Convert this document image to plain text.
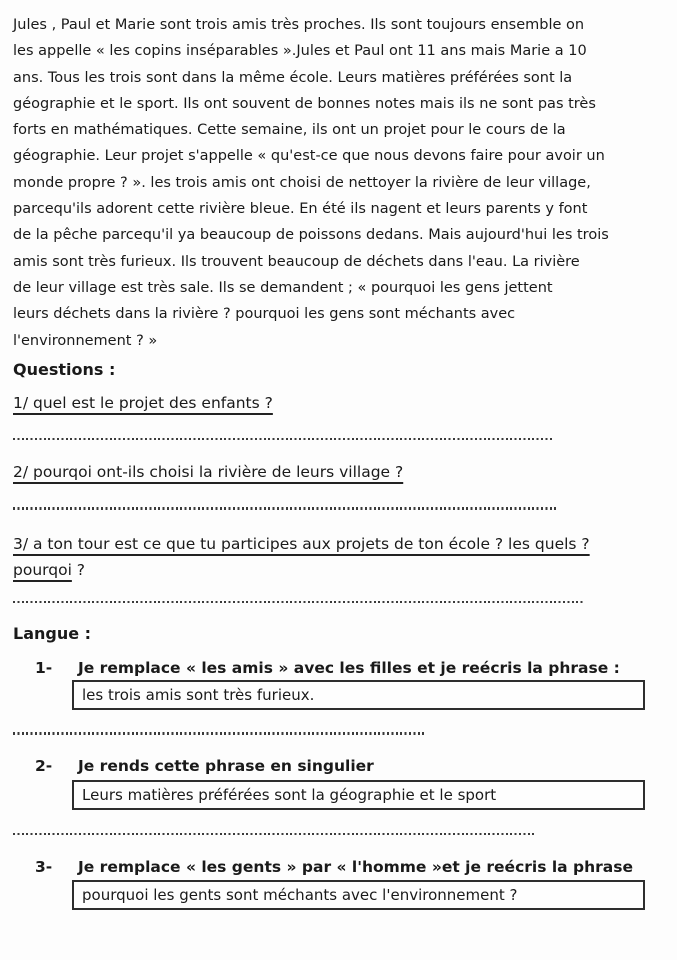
Jules , Paul et Marie sont trois amis très proches. Ils sont toujours ensemble on
les appelle « les copins inséparables ».Jules et Paul ont 11 ans mais Marie a 10
ans. Tous les trois sont dans la même école. Leurs matières préférées sont la
géographie et le sport. Ils ont souvent de bonnes notes mais ils ne sont pas très
forts en mathématiques. Cette semaine, ils ont un projet pour le cours de la
géographie. Leur projet s'appelle « qu'est-ce que nous devons faire pour avoir un
monde propre ? ». les trois amis ont choisi de nettoyer la rivière de leur village,
parcequ'ils adorent cette rivière bleue. En été ils nagent et leurs parents y font
de la pêche parcequ'il ya beaucoup de poissons dedans. Mais aujourd'hui les trois
amis sont très furieux. Ils trouvent beaucoup de déchets dans l'eau. La rivière
de leur village est très sale. Ils se demandent ; « pourquoi les gens jettent
leurs déchets dans la rivière ? pourquoi les gens sont méchants avec
l'environnement ? »
Questions :
1/ quel est le projet des enfants ?
2/ pourqoi ont-ils choisi la rivière de leurs village ?
3/ a ton tour est ce que tu participes aux projets de ton école ? les quels ?
pourqoi ?
Langue :
1-	Je remplace « les amis » avec les filles et je reécris la phrase :
les trois amis sont très furieux.
2-	Je rends cette phrase en singulier
Leurs matières préférées sont la géographie et le sport
3-	Je remplace « les gents » par « l'homme »et je reécris la phrase
pourquoi les gents sont méchants avec l'environnement ?
